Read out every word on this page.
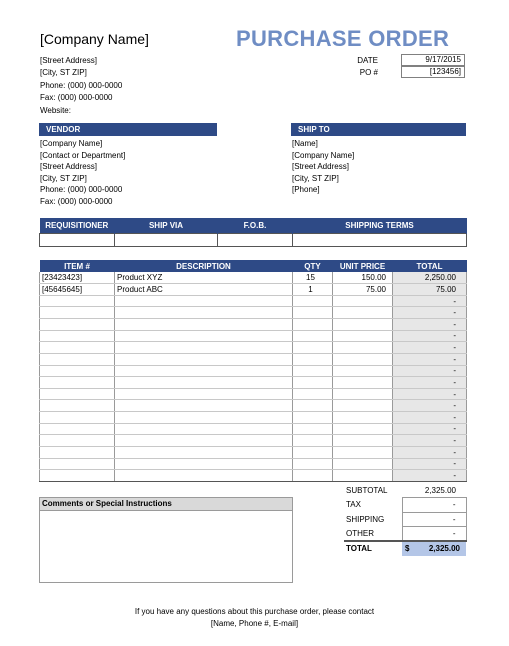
[Company Name]	PURCHASE ORDER
[Street Address]
[City, ST ZIP]
Phone: (000) 000-0000
Fax: (000) 000-0000
Website:
DATE	9/17/2015
PO #	[123456]
VENDOR
[Company Name]
[Contact or Department]
[Street Address]
[City, ST ZIP]
Phone: (000) 000-0000
Fax: (000) 000-0000
SHIP TO
[Name]
[Company Name]
[Street Address]
[City, ST ZIP]
[Phone]
REQUISITIONER	SHIP VIA	F.O.B.	SHIPPING TERMS

ITEM #	DESCRIPTION	QTY	UNIT PRICE	TOTAL
[23423423]	Product XYZ	15	150.00	2,250.00
[45645645]	Product ABC	1	75.00	75.00
				-
				-
				-
				-
				-
				-
				-
				-
				-
				-
				-
				-
				-
				-
				-
				-
SUBTOTAL	2,325.00
TAX	-
SHIPPING	-
OTHER	-
TOTAL	$ 2,325.00
Comments or Special Instructions
If you have any questions about this purchase order, please contact
[Name, Phone #, E-mail]
